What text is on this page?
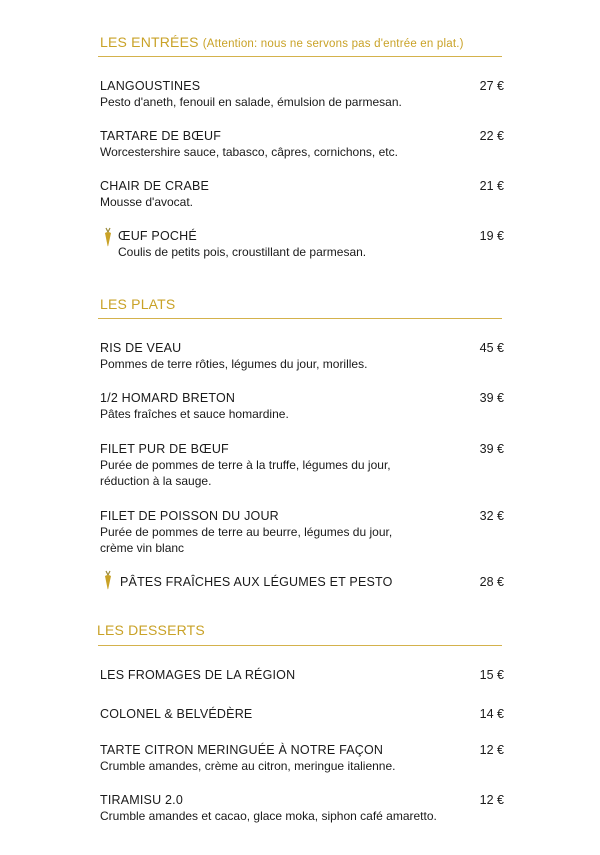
LES ENTRÉES (Attention: nous ne servons pas d'entrée en plat.)
LANGOUSTINES
Pesto d'aneth, fenouil en salade, émulsion de parmesan.
27 €
TARTARE DE BŒUF
Worcestershire sauce, tabasco, câpres, cornichons, etc.
22 €
CHAIR DE CRABE
Mousse d'avocat.
21 €
ŒUF POCHÉ
Coulis de petits pois, croustillant de parmesan.
19 €
LES PLATS
RIS DE VEAU
Pommes de terre rôties, légumes du jour, morilles.
45 €
1/2 HOMARD BRETON
Pâtes fraîches et sauce homardine.
39 €
FILET PUR DE BŒUF
Purée de pommes de terre à la truffe, légumes du jour,
réduction à la sauge.
39 €
FILET DE POISSON DU JOUR
Purée de pommes de terre au beurre, légumes du jour,
crème vin blanc
32 €
PÂTES FRAÎCHES AUX LÉGUMES ET PESTO	28 €
LES DESSERTS
LES FROMAGES DE LA RÉGION	15 €
COLONEL & BELVÉDÈRE	14 €
TARTE CITRON MERINGUÉE À NOTRE FAÇON
Crumble amandes, crème au citron, meringue italienne.
12 €
TIRAMISU 2.0
Crumble amandes et cacao, glace moka, siphon café amaretto.
12 €
